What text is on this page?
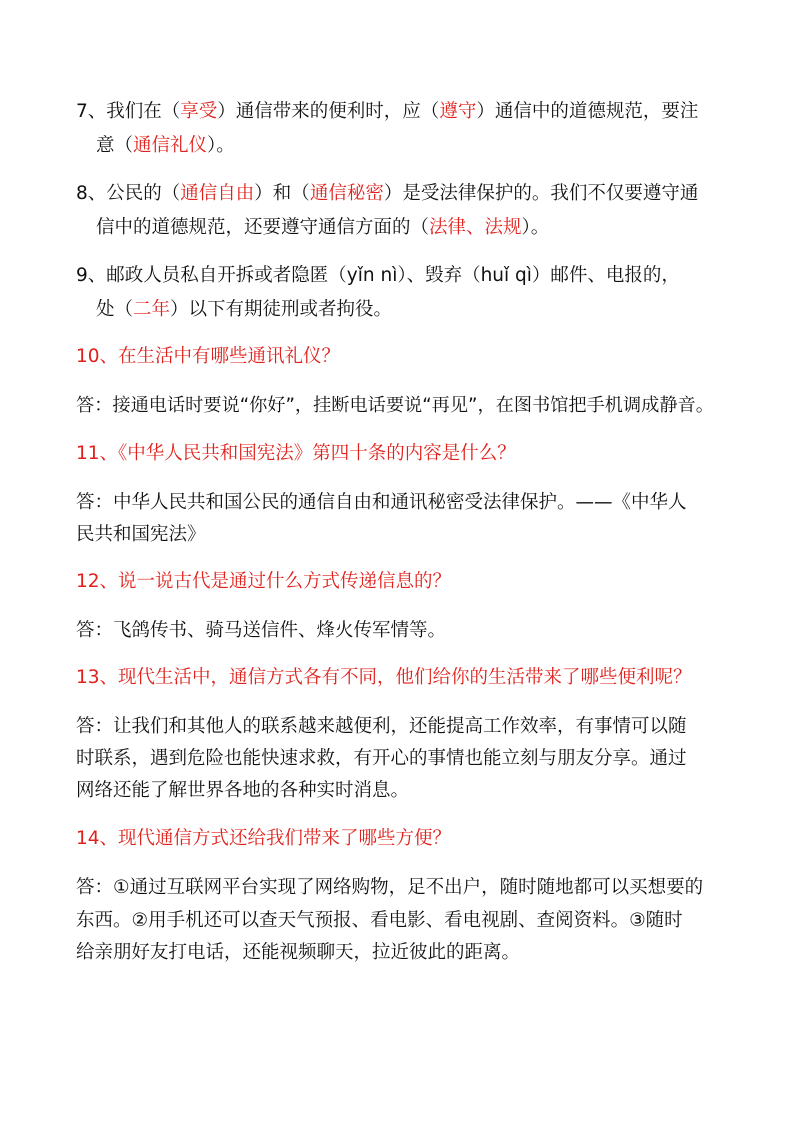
7、我们在（享受）通信带来的便利时，应（遵守）通信中的道德规范，要注
意（通信礼仪）。
8、公民的（通信自由）和（通信秘密）是受法律保护的。我们不仅要遵守通
信中的道德规范，还要遵守通信方面的（法律、法规）。
9、邮政人员私自开拆或者隐匿（yǐn nì）、毁弃（huǐ qì）邮件、电报的，
处（二年）以下有期徒刑或者拘役。
10、在生活中有哪些通讯礼仪？
答：接通电话时要说“你好”，挂断电话要说“再见”，在图书馆把手机调成静音。
11、《中华人民共和国宪法》第四十条的内容是什么？
答：中华人民共和国公民的通信自由和通讯秘密受法律保护。——《中华人
民共和国宪法》
12、说一说古代是通过什么方式传递信息的？
答：飞鸽传书、骑马送信件、烽火传军情等。
13、现代生活中，通信方式各有不同，他们给你的生活带来了哪些便利呢？
答：让我们和其他人的联系越来越便利，还能提高工作效率，有事情可以随
时联系，遇到危险也能快速求救，有开心的事情也能立刻与朋友分享。通过
网络还能了解世界各地的各种实时消息。
14、现代通信方式还给我们带来了哪些方便？
答：①通过互联网平台实现了网络购物，足不出户，随时随地都可以买想要的
东西。②用手机还可以查天气预报、看电影、看电视剧、查阅资料。③随时
给亲朋好友打电话，还能视频聊天，拉近彼此的距离。
